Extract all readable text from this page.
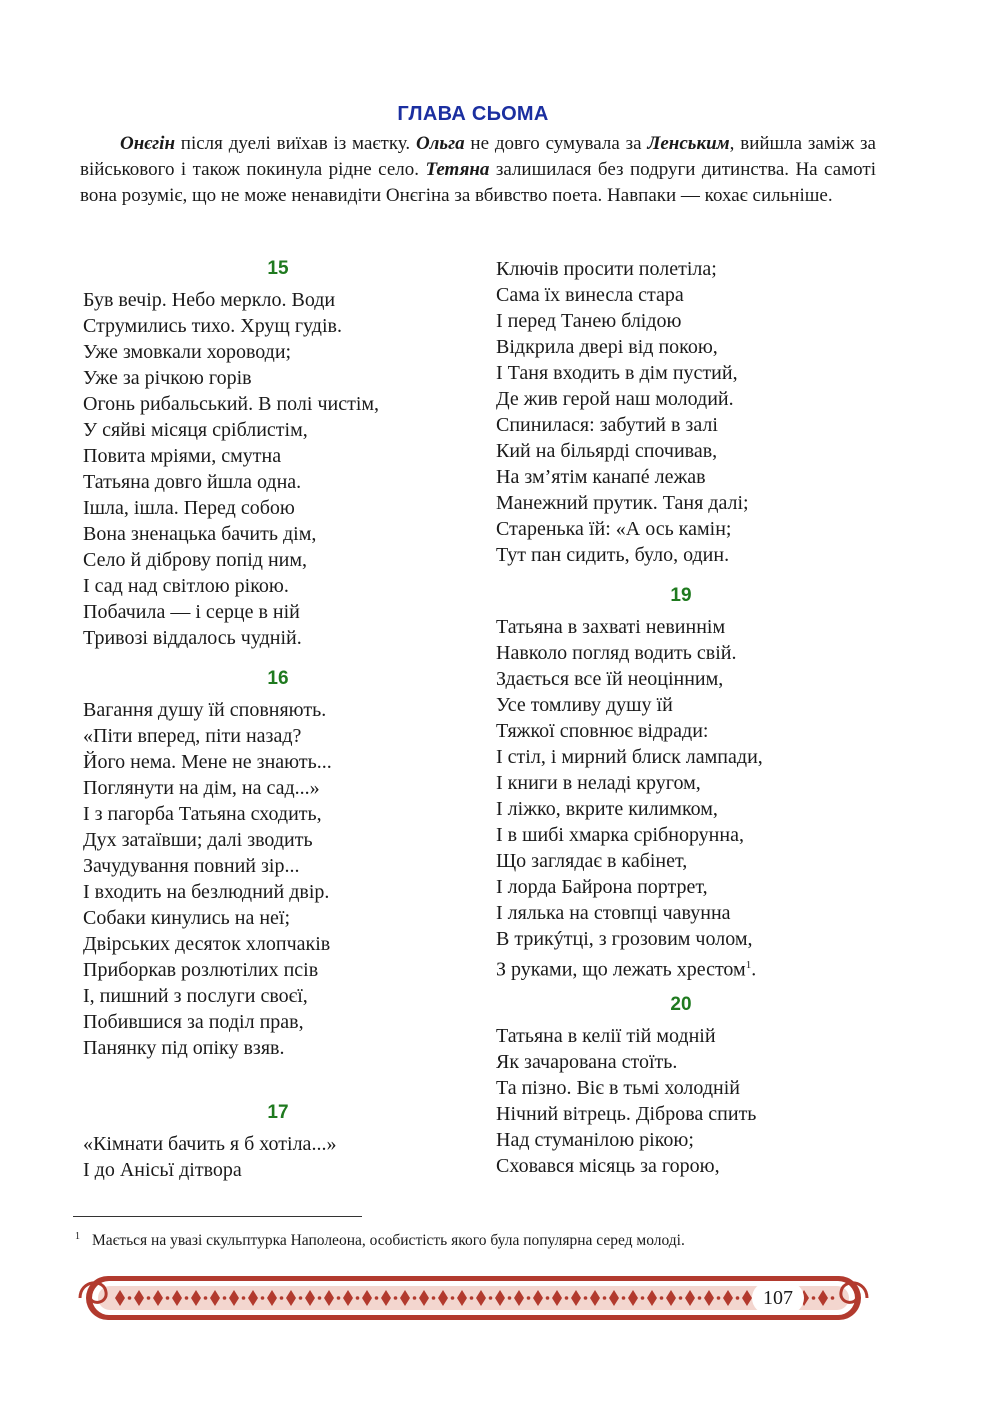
ГЛАВА СЬОМА

Онєгін після дуелі виїхав із маєтку. Ольга не довго сумувала за Ленським, вийшла заміж за військового і також покинула рідне село. Тетяна залишилася без подруги дитинства. На самоті вона розуміє, що не може ненавидіти Онєгіна за вбивство поета. Навпаки — кохає сильніше.

15
Був вечір. Небо меркло. Води
Струмились тихо. Хрущ гудів.
Уже змовкали хороводи;
Уже за річкою горів
Огонь рибальський. В полі чистім,
У сяйві місяця сріблистім,
Повита мріями, смутна
Татьяна довго йшла одна.
Ішла, ішла. Перед собою
Вона зненацька бачить дім,
Село й діброву попід ним,
І сад над світлою рікою.
Побачила — і серце в ній
Тривозі віддалось чудній.
16
Вагання душу їй сповняють.
«Піти вперед, піти назад?
Його нема. Мене не знають...
Поглянути на дім, на сад...»
І з пагорба Татьяна сходить,
Дух затаївши; далі зводить
Зачудування повний зір...
І входить на безлюдний двір.
Собаки кинулись на неї;
Двірських десяток хлопчаків
Приборкав розлютілих псів
І, пишний з послуги своєї,
Побившися за поділ прав,
Панянку під опіку взяв.
17
«Кімнати бачить я б хотіла...»
І до Анісьї дітвора
Ключів просити полетіла;
Сама їх винесла стара
І перед Танею блідою
Відкрила двері від покою,
І Таня входить в дім пустий,
Де жив герой наш молодий.
Спинилася: забутий в залі
Кий на більярді спочивав,
На зм’ятім канапé лежав
Манежний прутик. Таня далі;
Старенька їй: «А ось камін;
Тут пан сидить, було, один.
19
Татьяна в захваті невиннім
Навколо погляд водить свій.
Здається все їй неоцінним,
Усе томливу душу їй
Тяжкої сповнює відради:
І стіл, і мирний блиск лампади,
І книги в неладі кругом,
І ліжко, вкрите килимком,
І в шибі хмарка срібнорунна,
Що заглядає в кабінет,
І лорда Байрона портрет,
І лялька на стовпці чавунна
В трикýтці, з грозовим чолом,
З руками, що лежать хрестом$^1$.
20
Татьяна в келії тій модній
Як зачарована стоїть.
Та пізно. Віє в тьмі холодній
Нічний вітрець. Діброва спить
Над стуманілою рікою;
Сховався місяць за горою,
$^1$ Мається на увазі скульптурка Наполеона, особистість якого була популярна серед молоді.
107
